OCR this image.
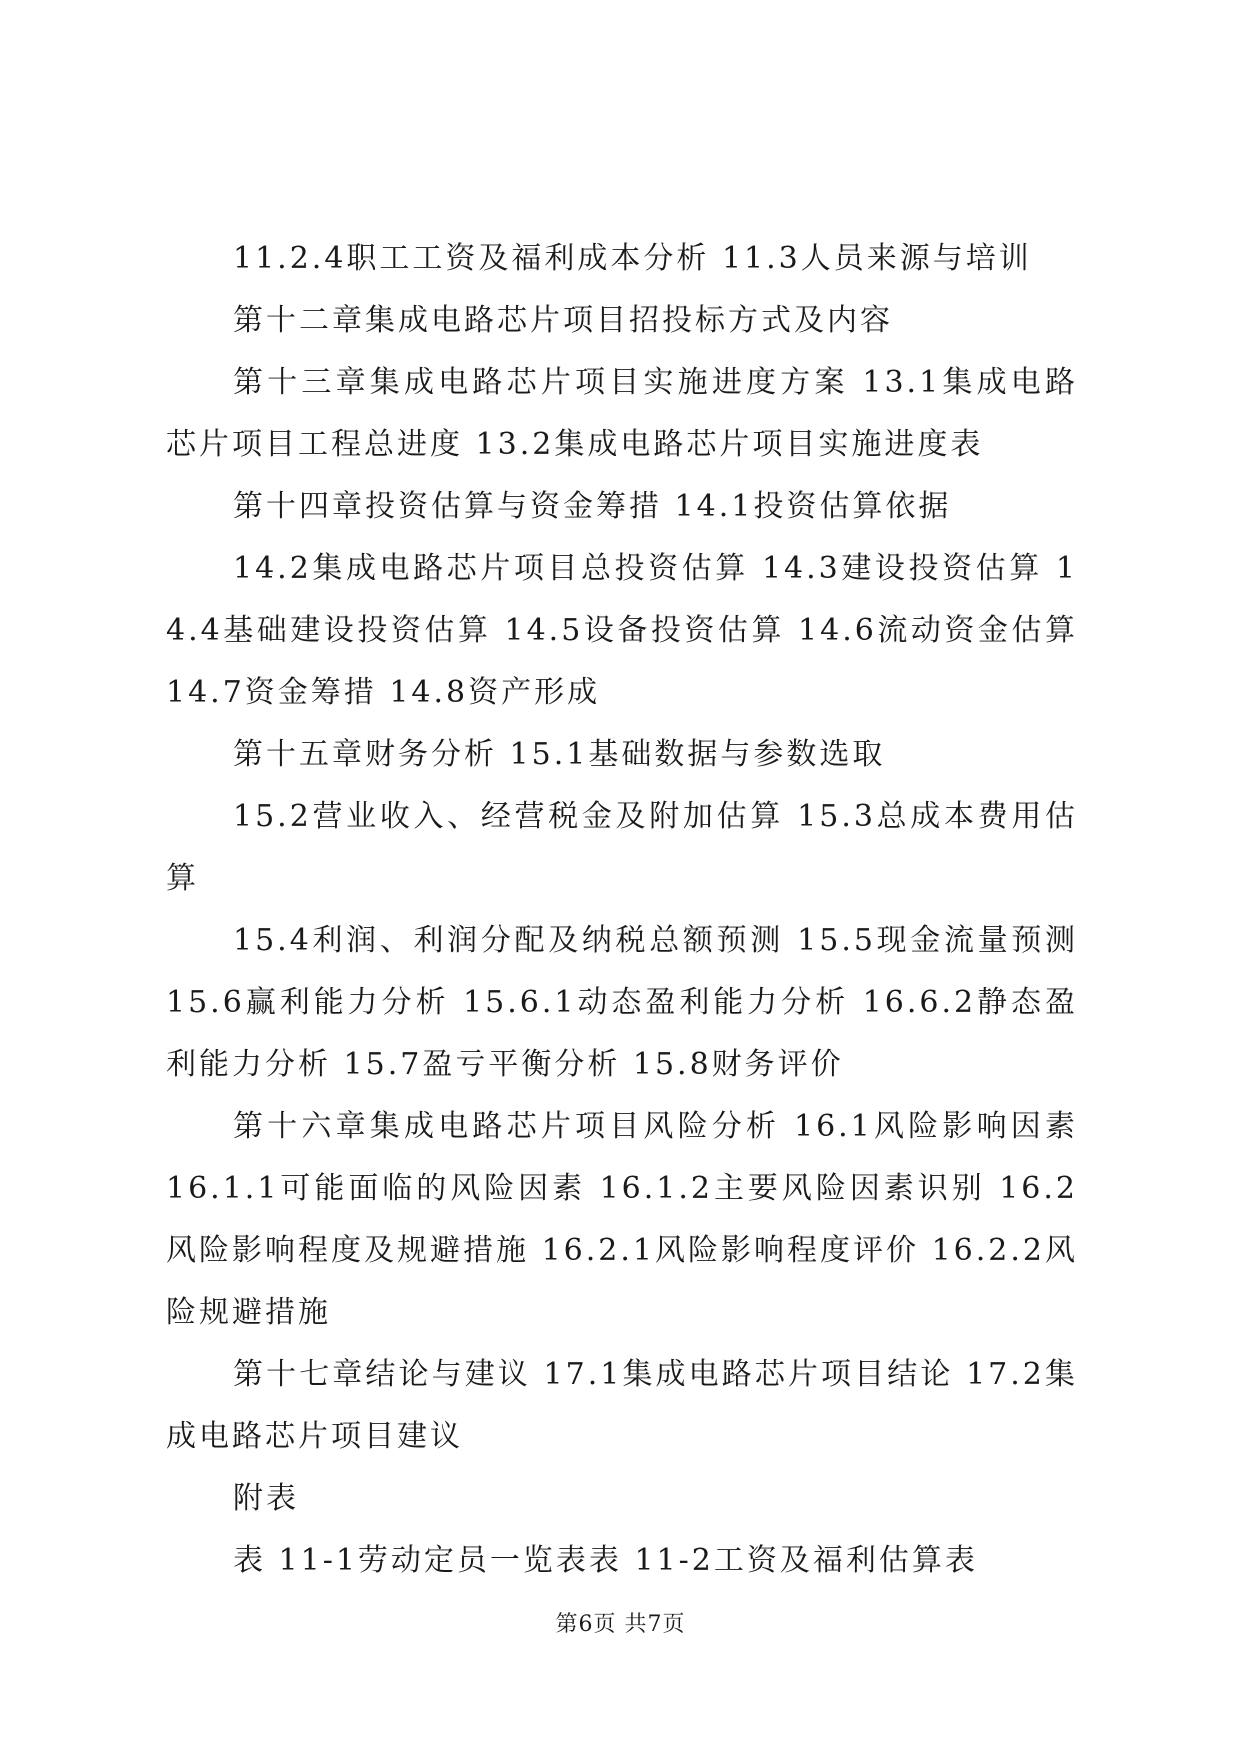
11.2.4职工工资及福利成本分析 11.3人员来源与培训

第十二章集成电路芯片项目招投标方式及内容

第十三章集成电路芯片项目实施进度方案 13.1集成电路芯片项目工程总进度 13.2集成电路芯片项目实施进度表

第十四章投资估算与资金筹措 14.1投资估算依据

14.2集成电路芯片项目总投资估算 14.3建设投资估算 14.4基础建设投资估算 14.5设备投资估算 14.6流动资金估算 14.7资金筹措 14.8资产形成

第十五章财务分析 15.1基础数据与参数选取

15.2营业收入、经营税金及附加估算 15.3总成本费用估算

15.4利润、利润分配及纳税总额预测 15.5现金流量预测 15.6赢利能力分析 15.6.1动态盈利能力分析 16.6.2静态盈利能力分析 15.7盈亏平衡分析 15.8财务评价

第十六章集成电路芯片项目风险分析 16.1风险影响因素 16.1.1可能面临的风险因素 16.1.2主要风险因素识别 16.2风险影响程度及规避措施 16.2.1风险影响程度评价 16.2.2风险规避措施

第十七章结论与建议 17.1集成电路芯片项目结论 17.2集成电路芯片项目建议

附表

表 11-1劳动定员一览表表 11-2工资及福利估算表

第6页 共7页
